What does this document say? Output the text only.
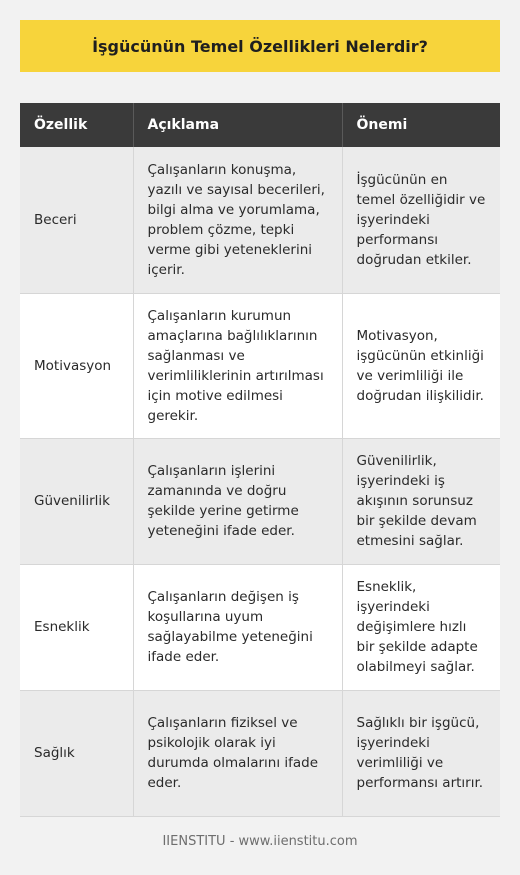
İşgücünün Temel Özellikleri Nelerdir?
Özellik	Açıklama	Önemi
Beceri	Çalışanların konuşma, yazılı ve sayısal becerileri, bilgi alma ve yorumlama, problem çözme, tepki verme gibi yeteneklerini içerir.	İşgücünün en temel özelliğidir ve işyerindeki performansı doğrudan etkiler.
Motivasyon	Çalışanların kurumun amaçlarına bağlılıklarının sağlanması ve verimliliklerinin artırılması için motive edilmesi gerekir.	Motivasyon, işgücünün etkinliği ve verimliliği ile doğrudan ilişkilidir.
Güvenilirlik	Çalışanların işlerini zamanında ve doğru şekilde yerine getirme yeteneğini ifade eder.	Güvenilirlik, işyerindeki iş akışının sorunsuz bir şekilde devam etmesini sağlar.
Esneklik	Çalışanların değişen iş koşullarına uyum sağlayabilme yeteneğini ifade eder.	Esneklik, işyerindeki değişimlere hızlı bir şekilde adapte olabilmeyi sağlar.
Sağlık	Çalışanların fiziksel ve psikolojik olarak iyi durumda olmalarını ifade eder.	Sağlıklı bir işgücü, işyerindeki verimliliği ve performansı artırır.
IIENSTITU - www.iienstitu.com
